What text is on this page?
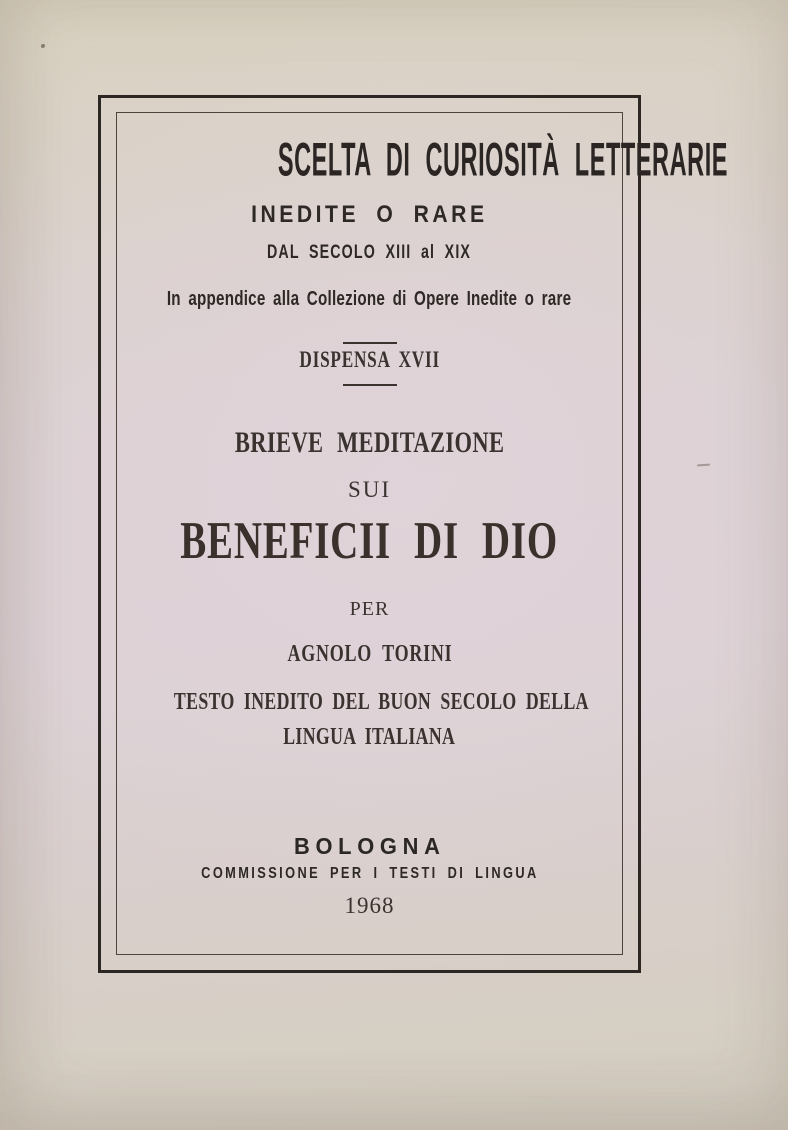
SCELTA DI CURIOSITÀ LETTERARIE
INEDITE O RARE
DAL SECOLO XIII al XIX
In appendice alla Collezione di Opere Inedite o rare
DISPENSA XVII
BRIEVE MEDITAZIONE
SUI
BENEFICII DI DIO
PER
AGNOLO TORINI
TESTO INEDITO DEL BUON SECOLO DELLA
LINGUA ITALIANA
BOLOGNA
COMMISSIONE PER I TESTI DI LINGUA
1968
